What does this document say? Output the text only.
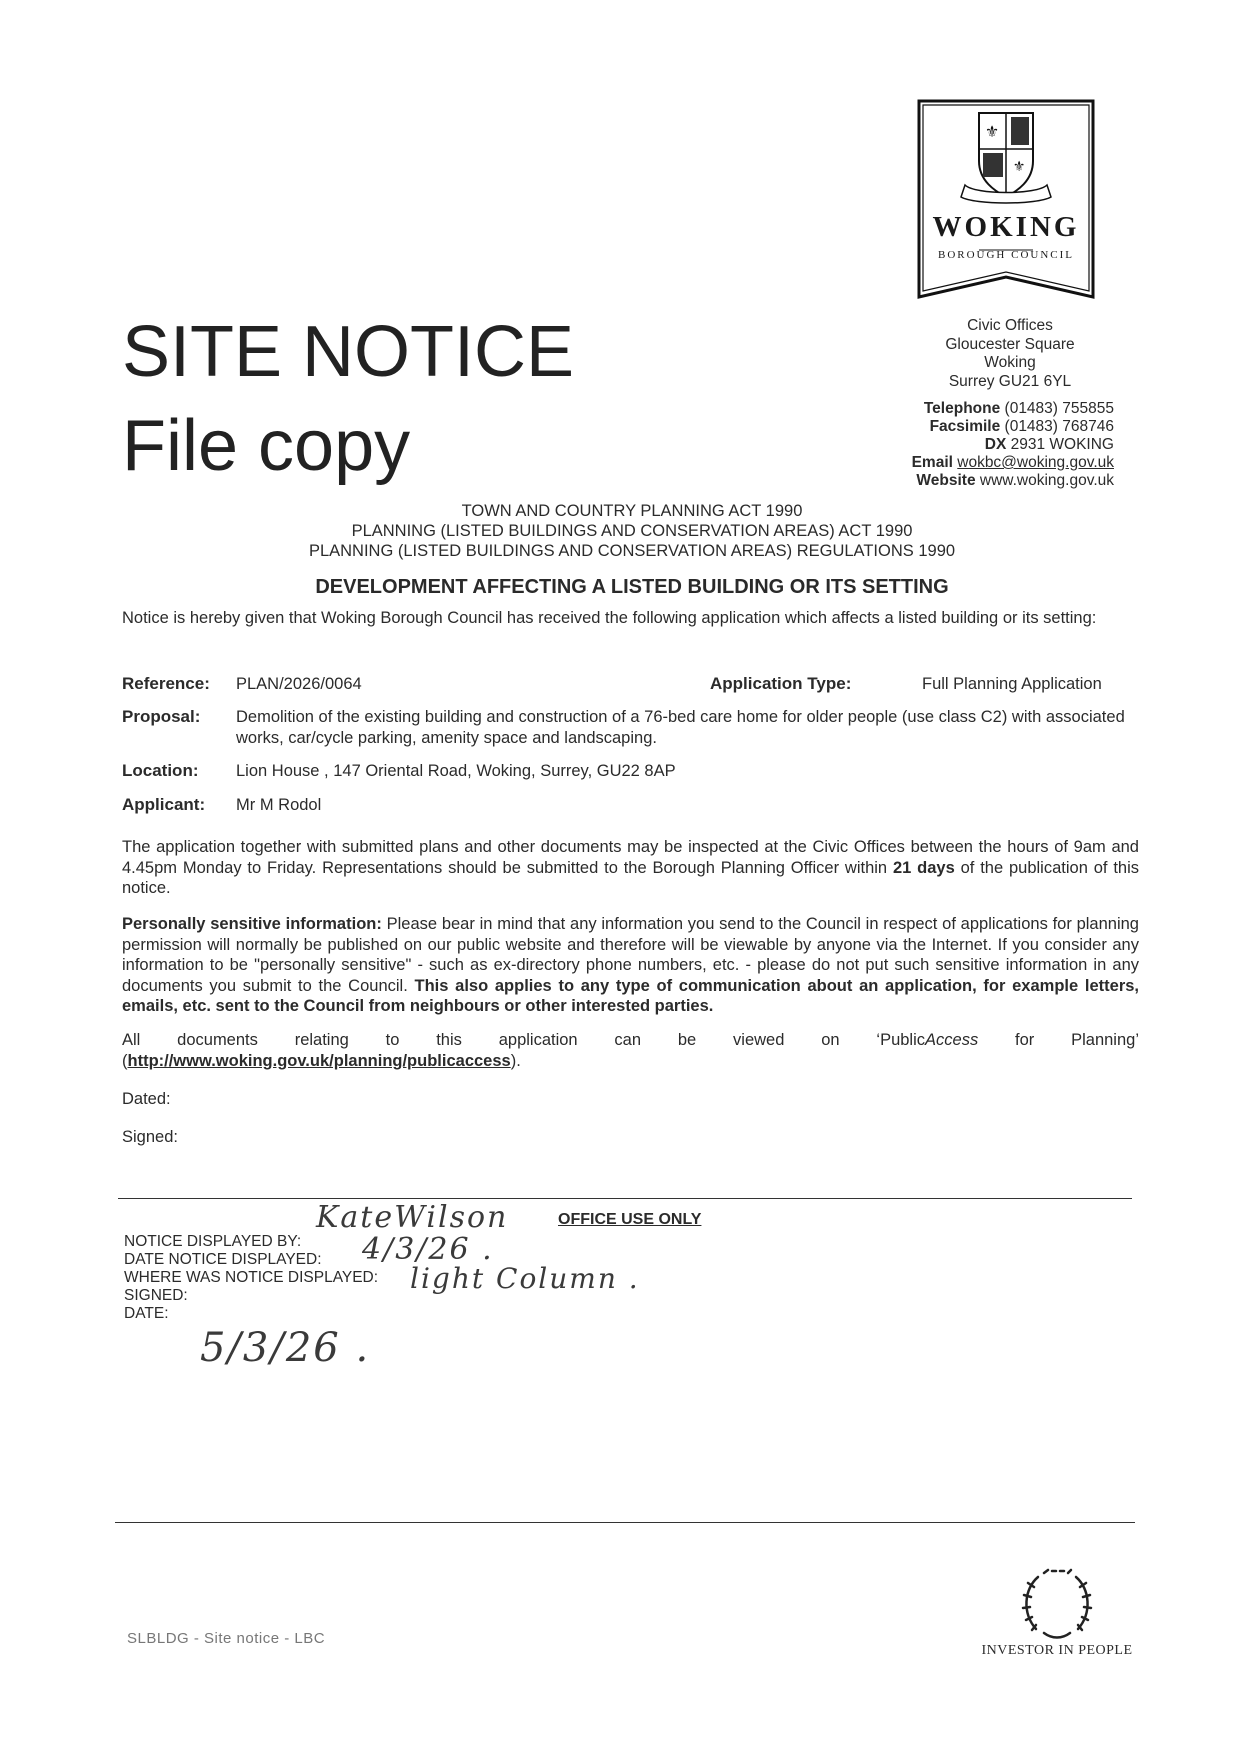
⚜
⚜
WOKING
BOROUGH COUNCIL
Civic Offices
Gloucester Square
Woking
Surrey GU21 6YL
Telephone (01483) 755855
Facsimile (01483) 768746
DX 2931 WOKING
Email wokbc@woking.gov.uk
Website www.woking.gov.uk
SITE NOTICE
File copy
TOWN AND COUNTRY PLANNING ACT 1990
PLANNING (LISTED BUILDINGS AND CONSERVATION AREAS) ACT 1990
PLANNING (LISTED BUILDINGS AND CONSERVATION AREAS) REGULATIONS 1990
DEVELOPMENT AFFECTING A LISTED BUILDING OR ITS SETTING
Notice is hereby given that Woking Borough Council has received the following application which affects a listed building or its setting:
Reference: PLAN/2026/0064	Application Type:	Full Planning Application
Proposal: Demolition of the existing building and construction of a 76-bed care home for older people (use class C2) with associated works, car/cycle parking, amenity space and landscaping.
Location: Lion House , 147 Oriental Road, Woking, Surrey, GU22 8AP
Applicant: Mr M Rodol
The application together with submitted plans and other documents may be inspected at the Civic Offices between the hours of 9am and 4.45pm Monday to Friday. Representations should be submitted to the Borough Planning Officer within 21 days of the publication of this notice.
Personally sensitive information: Please bear in mind that any information you send to the Council in respect of applications for planning permission will normally be published on our public website and therefore will be viewable by anyone via the Internet. If you consider any information to be "personally sensitive" - such as ex-directory phone numbers, etc. - please do not put such sensitive information in any documents you submit to the Council. This also applies to any type of communication about an application, for example letters, emails, etc. sent to the Council from neighbours or other interested parties.
All documents relating to this application can be viewed on ‘PublicAccess for Planning’ (http://www.woking.gov.uk/planning/publicaccess).
Dated:
Signed:
OFFICE USE ONLY
NOTICE DISPLAYED BY:
DATE NOTICE DISPLAYED:
WHERE WAS NOTICE DISPLAYED:
SIGNED:
DATE:
KateWilson
4/3/26 .
light Column .
5/3/26 .
SLBLDG - Site notice - LBC
INVESTOR IN PEOPLE
